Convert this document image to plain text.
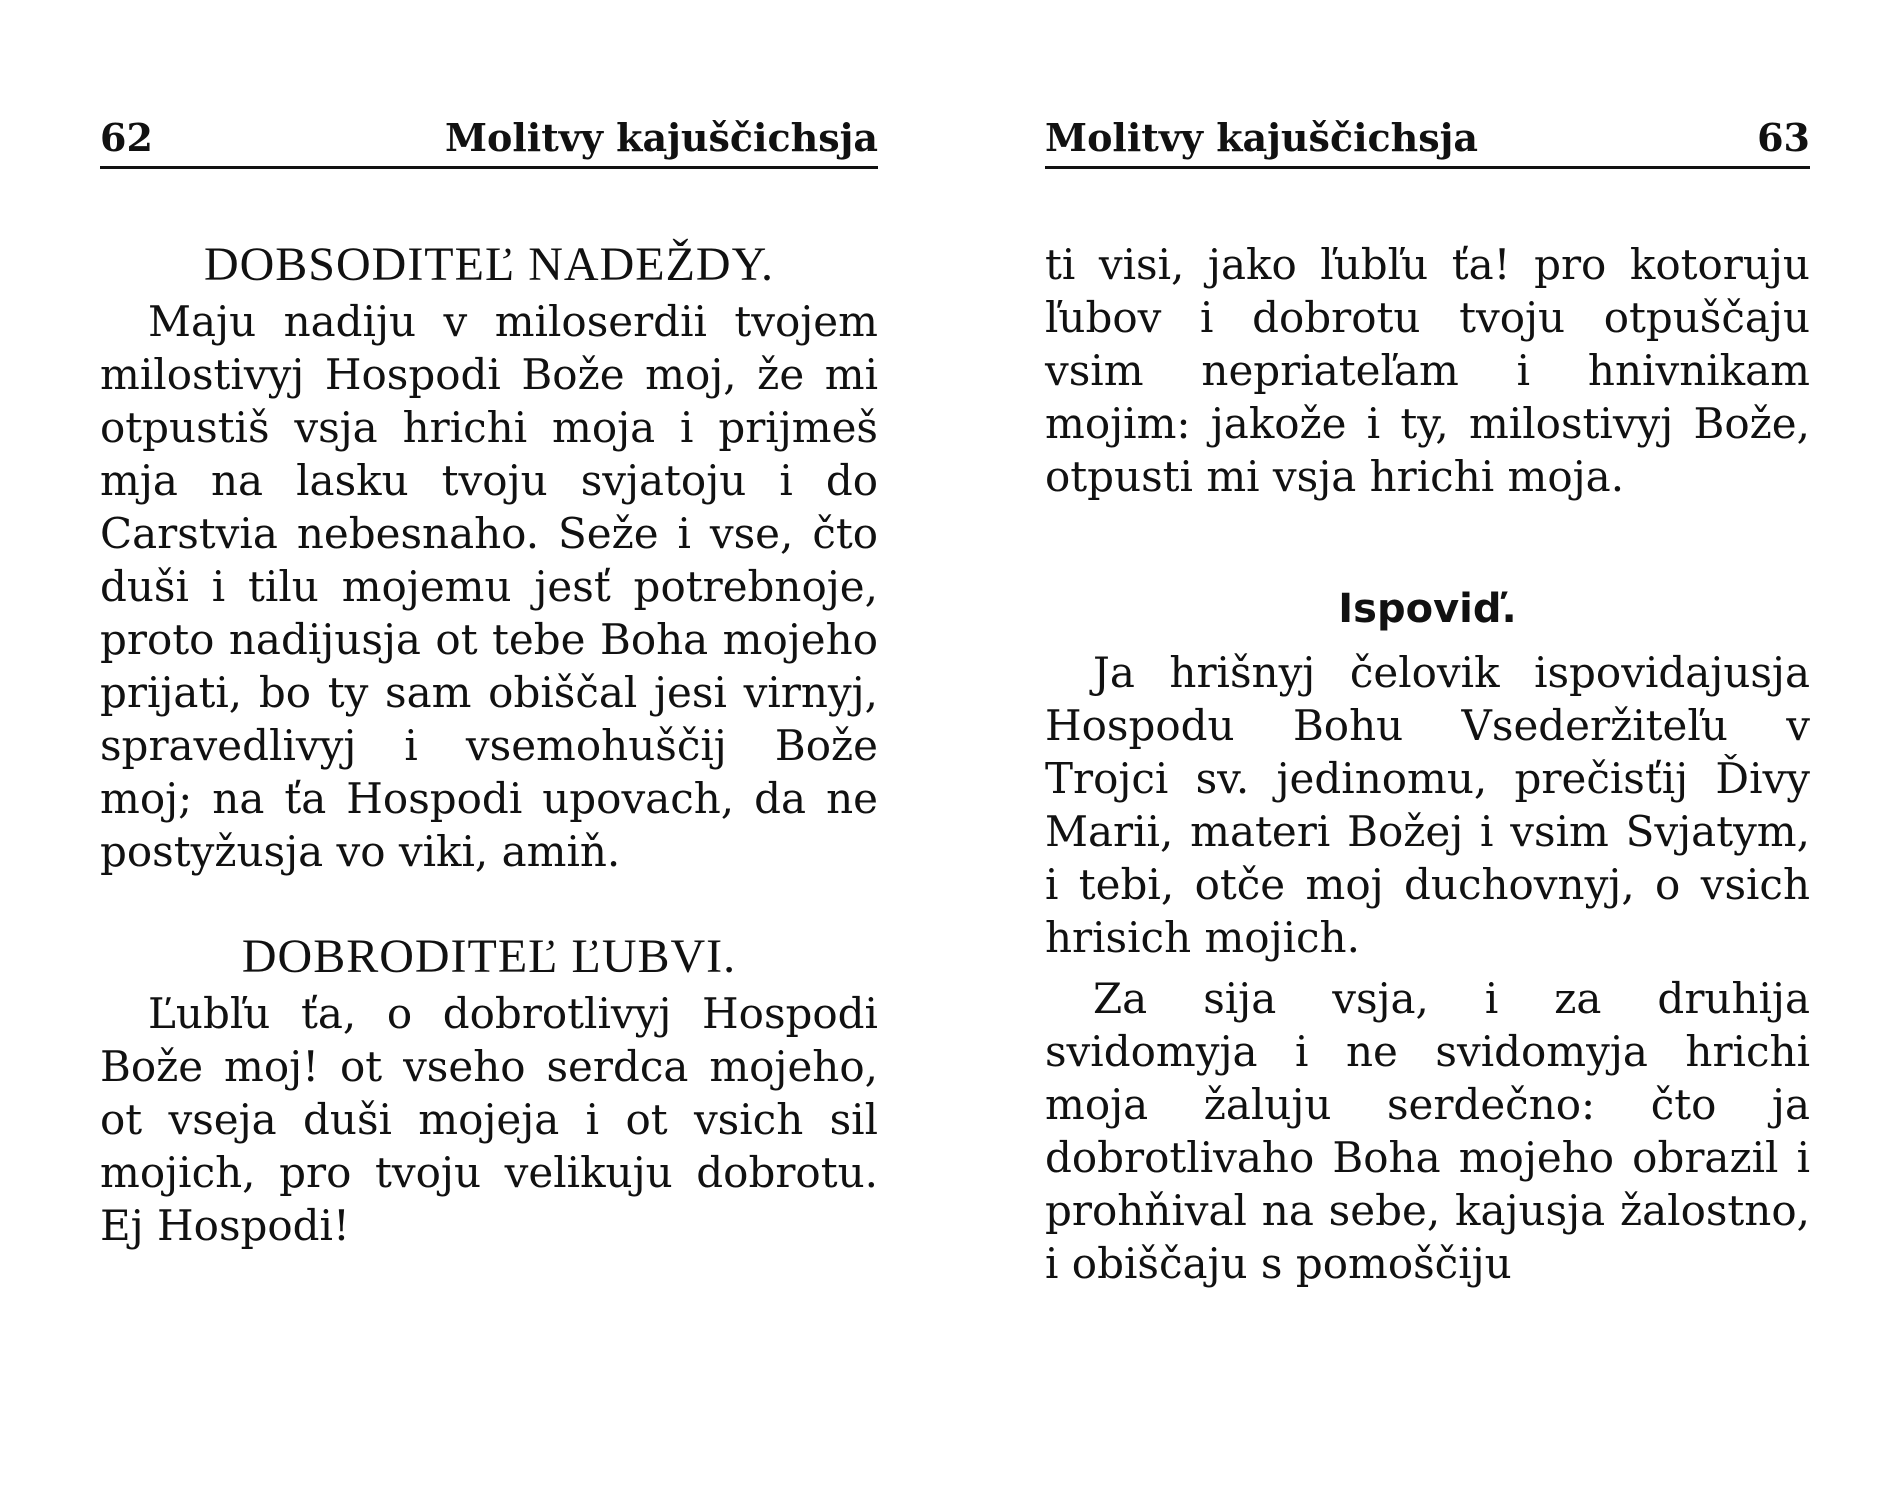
62	Molitvy kajuščichsja
DOBSODITEĽ NADEŽDY.

Maju nadiju v miloserdii tvojem milostivyj Hospodi Bože moj, že mi otpustiš vsja hrichi moja i prijmeš mja na lasku tvoju svjatoju i do Carstvia nebesnaho. Sеže i vse, čto duši i tilu mojemu jesť potrebnoje, proto nadijusja ot tebe Boha mojeho prijati, bo ty sam obiščal jesi virnyj, spravedlivyj i vsemohuščij Bože moj; na ťa Hospodi upovach, da ne postyžusja vo viki, amiň.

DOBRODITEĽ ĽUBVI.

Ľubľu ťa, o dobrotlivyj Hospodi Bože moj! ot vseho serdca mojeho, ot vseja duši mojeja i ot vsich sil mojich, pro tvoju velikuju dobrotu. Ej Hospodi!

Molitvy kajuščichsja	63

ti visi, jako ľubľu ťa! pro kotoruju ľubov i dobrotu tvoju otpuščaju vsim nepriateľam i hnivnikam mojim: jakože i ty, milostivyj Bože, otpusti mi vsja hrichi moja.

Ispoviď.

Ja hrišnyj čelovik ispovidajusja Hospodu Bohu Vsederžiteľu v Trojci sv. jedinomu, prečisťij Ďivy Marii, materi Božej i vsim Svjatym, i tebi, otče moj duchovnyj, o vsich hrisich mojich.

Za sija vsja, i za druhija svidomyja i ne svidomyja hrichi moja žaluju serdečno: čto ja dobrotlivaho Boha mojeho obrazil i prohňival na sebe, kajusja žalostno, i obiščaju s pomoščiju
